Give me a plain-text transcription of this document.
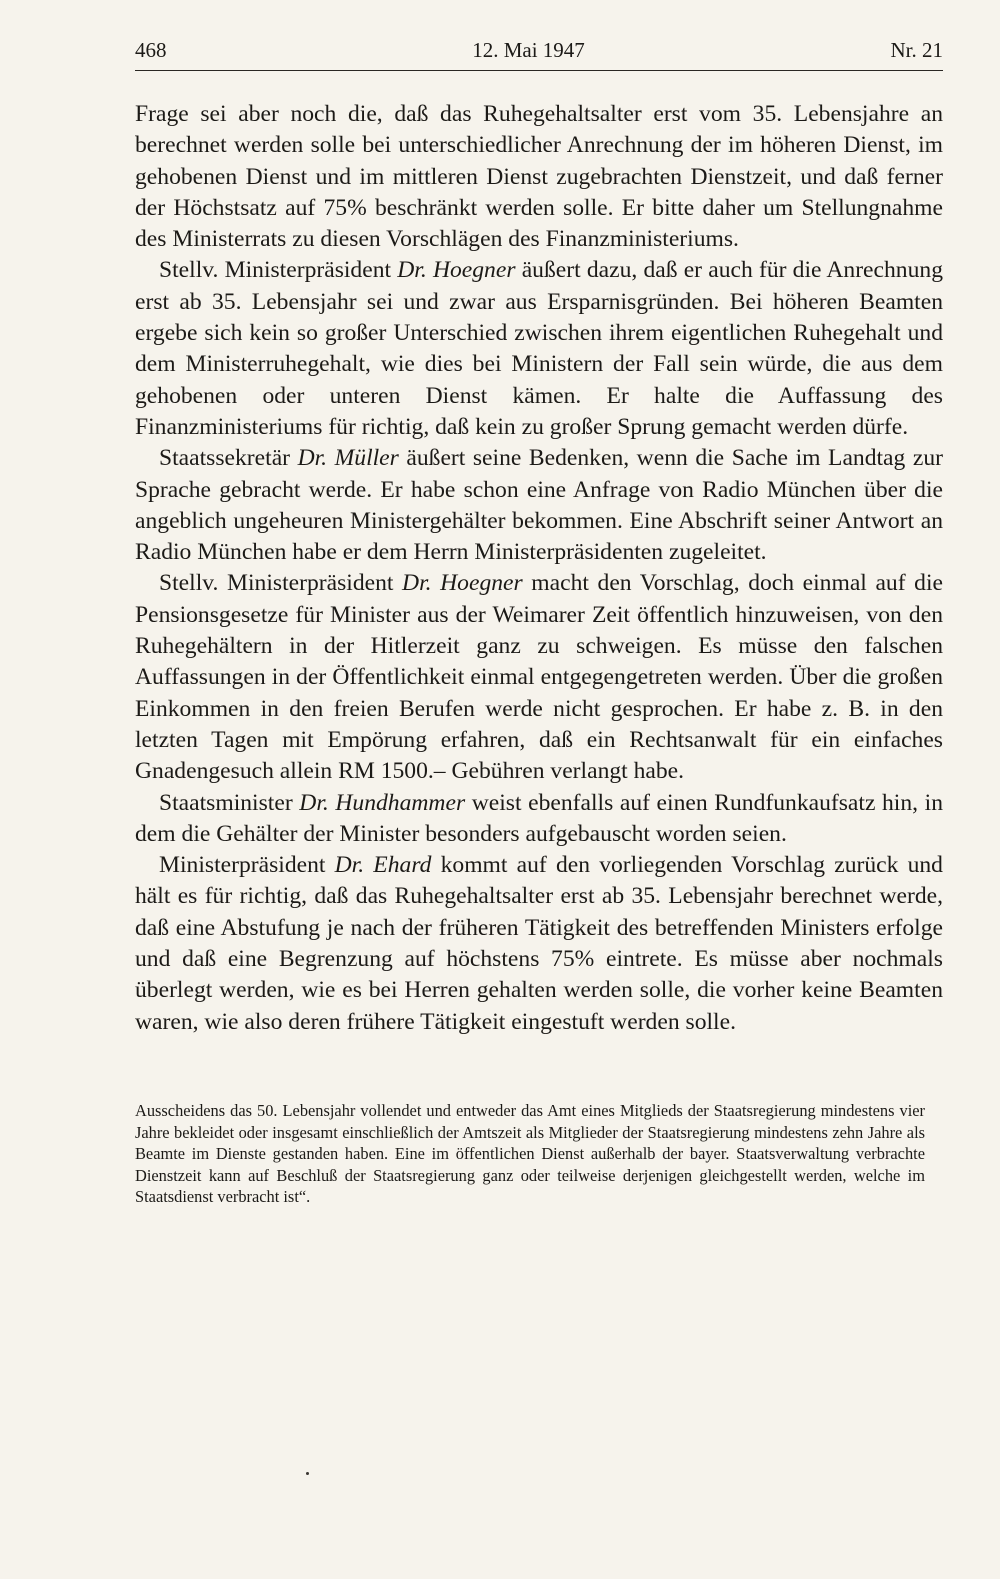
468	12. Mai 1947	Nr. 21

Frage sei aber noch die, daß das Ruhegehaltsalter erst vom 35. Lebensjahre an berechnet werden solle bei unterschiedlicher Anrechnung der im höheren Dienst, im gehobenen Dienst und im mittleren Dienst zugebrachten Dienstzeit, und daß ferner der Höchstsatz auf 75% beschränkt werden solle. Er bitte daher um Stellungnahme des Ministerrats zu diesen Vorschlägen des Finanzministeriums.

Stellv. Ministerpräsident Dr. Hoegner äußert dazu, daß er auch für die Anrechnung erst ab 35. Lebensjahr sei und zwar aus Ersparnisgründen. Bei höheren Beamten ergebe sich kein so großer Unterschied zwischen ihrem eigentlichen Ruhegehalt und dem Ministerruhegehalt, wie dies bei Ministern der Fall sein würde, die aus dem gehobenen oder unteren Dienst kämen. Er halte die Auffassung des Finanzministeriums für richtig, daß kein zu großer Sprung gemacht werden dürfe.

Staatssekretär Dr. Müller äußert seine Bedenken, wenn die Sache im Landtag zur Sprache gebracht werde. Er habe schon eine Anfrage von Radio München über die angeblich ungeheuren Ministergehälter bekommen. Eine Abschrift seiner Antwort an Radio München habe er dem Herrn Ministerpräsidenten zugeleitet.

Stellv. Ministerpräsident Dr. Hoegner macht den Vorschlag, doch einmal auf die Pensionsgesetze für Minister aus der Weimarer Zeit öffentlich hinzuweisen, von den Ruhegehältern in der Hitlerzeit ganz zu schweigen. Es müsse den falschen Auffassungen in der Öffentlichkeit einmal entgegengetreten werden. Über die großen Einkommen in den freien Berufen werde nicht gesprochen. Er habe z. B. in den letzten Tagen mit Empörung erfahren, daß ein Rechtsanwalt für ein einfaches Gnadengesuch allein RM 1500.– Gebühren verlangt habe.

Staatsminister Dr. Hundhammer weist ebenfalls auf einen Rundfunkaufsatz hin, in dem die Gehälter der Minister besonders aufgebauscht worden seien.

Ministerpräsident Dr. Ehard kommt auf den vorliegenden Vorschlag zurück und hält es für richtig, daß das Ruhegehaltsalter erst ab 35. Lebensjahr berechnet werde, daß eine Abstufung je nach der früheren Tätigkeit des betreffenden Ministers erfolge und daß eine Begrenzung auf höchstens 75% eintrete. Es müsse aber nochmals überlegt werden, wie es bei Herren gehalten werden solle, die vorher keine Beamten waren, wie also deren frühere Tätigkeit eingestuft werden solle.

Ausscheidens das 50. Lebensjahr vollendet und entweder das Amt eines Mitglieds der Staatsregierung mindestens vier Jahre bekleidet oder insgesamt einschließlich der Amtszeit als Mitglieder der Staatsregierung mindestens zehn Jahre als Beamte im Dienste gestanden haben. Eine im öffentlichen Dienst außerhalb der bayer. Staatsverwaltung verbrachte Dienstzeit kann auf Beschluß der Staatsregierung ganz oder teilweise derjenigen gleichgestellt werden, welche im Staatsdienst verbracht ist“.
